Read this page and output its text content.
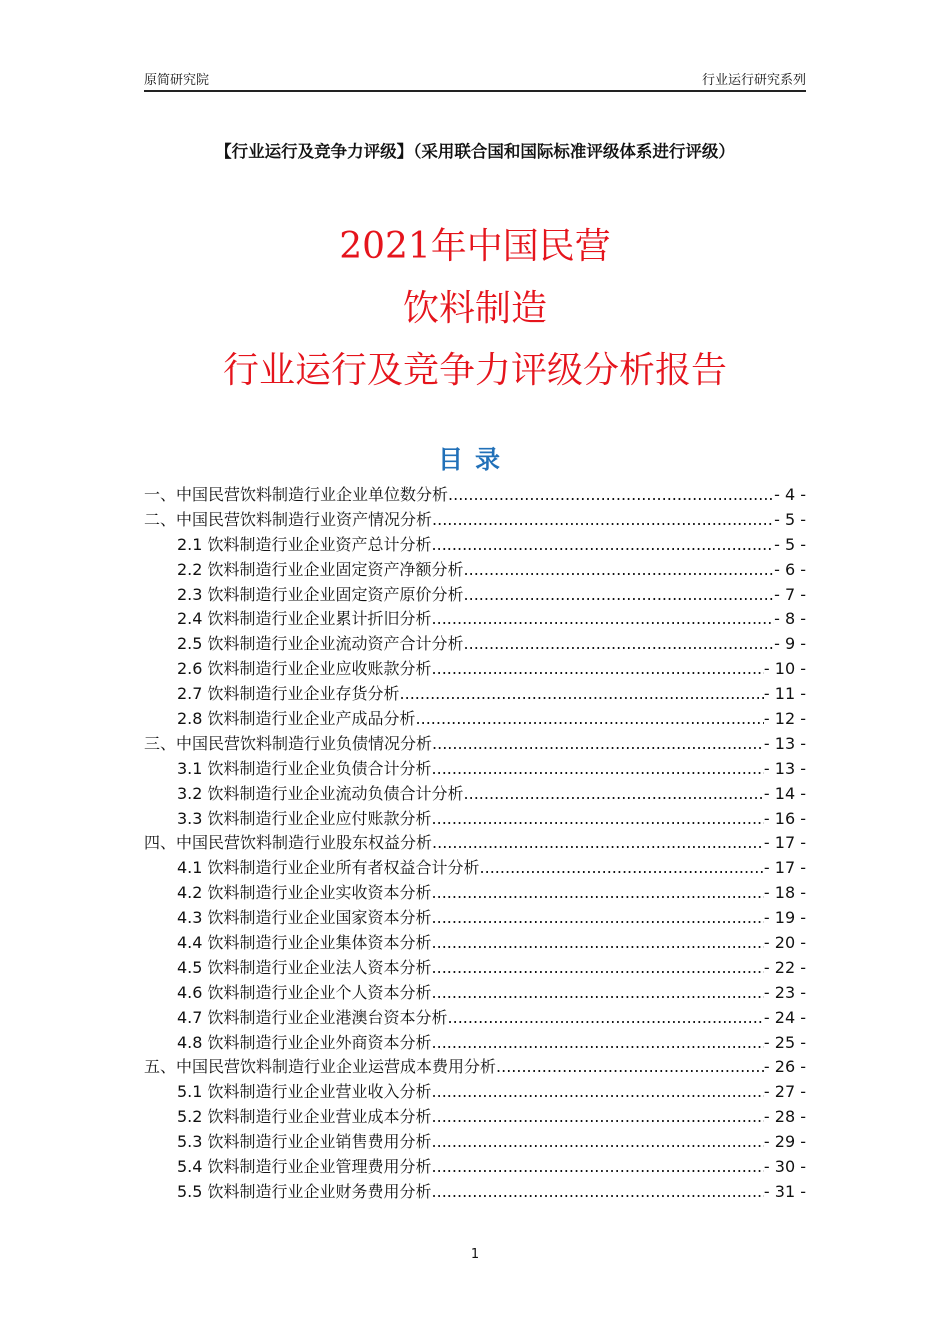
原简研究院	行业运行研究系列
【行业运行及竞争力评级】（采用联合国和国际标准评级体系进行评级）
2021年中国民营
饮料制造
行业运行及竞争力评级分析报告
目录
一、中国民营饮料制造行业企业单位数分析 .....	- 4 -
二、中国民营饮料制造行业资产情况分析 .....	- 5 -
2.1 饮料制造行业企业资产总计分析 .....	- 5 -
2.2 饮料制造行业企业固定资产净额分析 .....	- 6 -
2.3 饮料制造行业企业固定资产原价分析 .....	- 7 -
2.4 饮料制造行业企业累计折旧分析 .....	- 8 -
2.5 饮料制造行业企业流动资产合计分析 .....	- 9 -
2.6 饮料制造行业企业应收账款分析 .....	- 10 -
2.7 饮料制造行业企业存货分析 .....	- 11 -
2.8 饮料制造行业企业产成品分析 .....	- 12 -
三、中国民营饮料制造行业负债情况分析 .....	- 13 -
3.1 饮料制造行业企业负债合计分析 .....	- 13 -
3.2 饮料制造行业企业流动负债合计分析 .....	- 14 -
3.3 饮料制造行业企业应付账款分析 .....	- 16 -
四、中国民营饮料制造行业股东权益分析 .....	- 17 -
4.1 饮料制造行业企业所有者权益合计分析 .....	- 17 -
4.2 饮料制造行业企业实收资本分析 .....	- 18 -
4.3 饮料制造行业企业国家资本分析 .....	- 19 -
4.4 饮料制造行业企业集体资本分析 .....	- 20 -
4.5 饮料制造行业企业法人资本分析 .....	- 22 -
4.6 饮料制造行业企业个人资本分析 .....	- 23 -
4.7 饮料制造行业企业港澳台资本分析 .....	- 24 -
4.8 饮料制造行业企业外商资本分析 .....	- 25 -
五、中国民营饮料制造行业企业运营成本费用分析 .....	- 26 -
5.1 饮料制造行业企业营业收入分析 .....	- 27 -
5.2 饮料制造行业企业营业成本分析 .....	- 28 -
5.3 饮料制造行业企业销售费用分析 .....	- 29 -
5.4 饮料制造行业企业管理费用分析 .....	- 30 -
5.5 饮料制造行业企业财务费用分析 .....	- 31 -
1
